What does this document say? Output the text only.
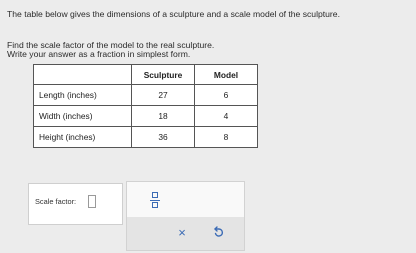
The table below gives the dimensions of a sculpture and a scale model of the sculpture.
Find the scale factor of the model to the real sculpture.
Write your answer as a fraction in simplest form.
	Sculpture	Model
Length (inches)	27	6
Width (inches)	18	4
Height (inches)	36	8
Scale factor:
×
